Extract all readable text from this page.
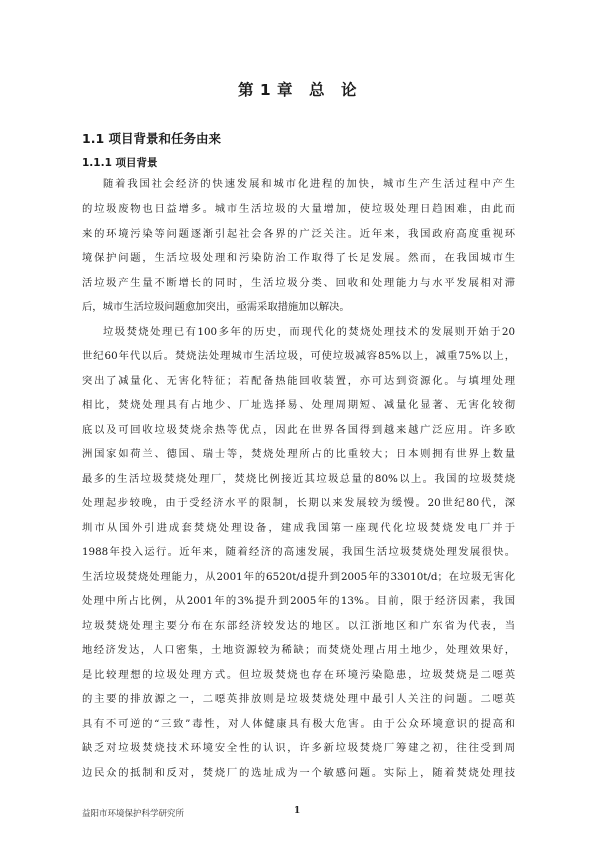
第 1 章　总　论
1.1 项目背景和任务由来
1.1.1 项目背景
随着我国社会经济的快速发展和城市化进程的加快，城市生产生活过程中产生
的垃圾废物也日益增多。城市生活垃圾的大量增加，使垃圾处理日趋困难，由此而
来的环境污染等问题逐渐引起社会各界的广泛关注。近年来，我国政府高度重视环
境保护问题，生活垃圾处理和污染防治工作取得了长足发展。然而，在我国城市生
活垃圾产生量不断增长的同时，生活垃圾分类、回收和处理能力与水平发展相对滞
后，城市生活垃圾问题愈加突出，亟需采取措施加以解决。
垃圾焚烧处理已有100多年的历史，而现代化的焚烧处理技术的发展则开始于20
世纪60年代以后。焚烧法处理城市生活垃圾，可使垃圾减容85%以上，减重75%以上，
突出了减量化、无害化特征；若配备热能回收装置，亦可达到资源化。与填埋处理
相比，焚烧处理具有占地少、厂址选择易、处理周期短、减量化显著、无害化较彻
底以及可回收垃圾焚烧余热等优点，因此在世界各国得到越来越广泛应用。许多欧
洲国家如荷兰、德国、瑞士等，焚烧处理所占的比重较大；日本则拥有世界上数量
最多的生活垃圾焚烧处理厂，焚烧比例接近其垃圾总量的80%以上。我国的垃圾焚烧
处理起步较晚，由于受经济水平的限制，长期以来发展较为缓慢。20世纪80代，深
圳市从国外引进成套焚烧处理设备，建成我国第一座现代化垃圾焚烧发电厂并于
1988年投入运行。近年来，随着经济的高速发展，我国生活垃圾焚烧处理发展很快。
生活垃圾焚烧处理能力，从2001年的6520t/d提升到2005年的33010t/d；在垃圾无害化
处理中所占比例，从2001年的3%提升到2005年的13%。目前，限于经济因素，我国
垃圾焚烧处理主要分布在东部经济较发达的地区。以江浙地区和广东省为代表，当
地经济发达，人口密集，土地资源较为稀缺；而焚烧处理占用土地少，处理效果好，
是比较理想的垃圾处理方式。但垃圾焚烧也存在环境污染隐患，垃圾焚烧是二噁英
的主要的排放源之一，二噁英排放则是垃圾焚烧处理中最引人关注的问题。二噁英
具有不可逆的“三致”毒性，对人体健康具有极大危害。由于公众环境意识的提高和
缺乏对垃圾焚烧技术环境安全性的认识，许多新垃圾焚烧厂筹建之初，往往受到周
边民众的抵制和反对，焚烧厂的选址成为一个敏感问题。实际上，随着焚烧处理技
益阳市环境保护科学研究所	1
